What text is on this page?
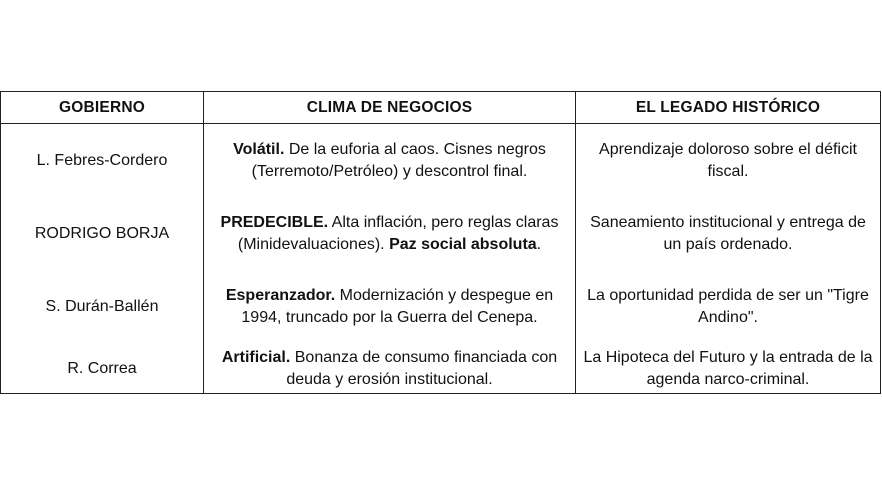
GOBIERNO	CLIMA DE NEGOCIOS	EL LEGADO HISTÓRICO
L. Febres-Cordero	Volátil. De la euforia al caos. Cisnes negros (Terremoto/Petróleo) y descontrol final.	Aprendizaje doloroso sobre el déficit fiscal.
RODRIGO BORJA	PREDECIBLE. Alta inflación, pero reglas claras (Minidevaluaciones). Paz social absoluta.	Saneamiento institucional y entrega de un país ordenado.
S. Durán-Ballén	Esperanzador. Modernización y despegue en 1994, truncado por la Guerra del Cenepa.	La oportunidad perdida de ser un "Tigre Andino".
R. Correa	Artificial. Bonanza de consumo financiada con deuda y erosión institucional.	La Hipoteca del Futuro y la entrada de la agenda narco-criminal.
